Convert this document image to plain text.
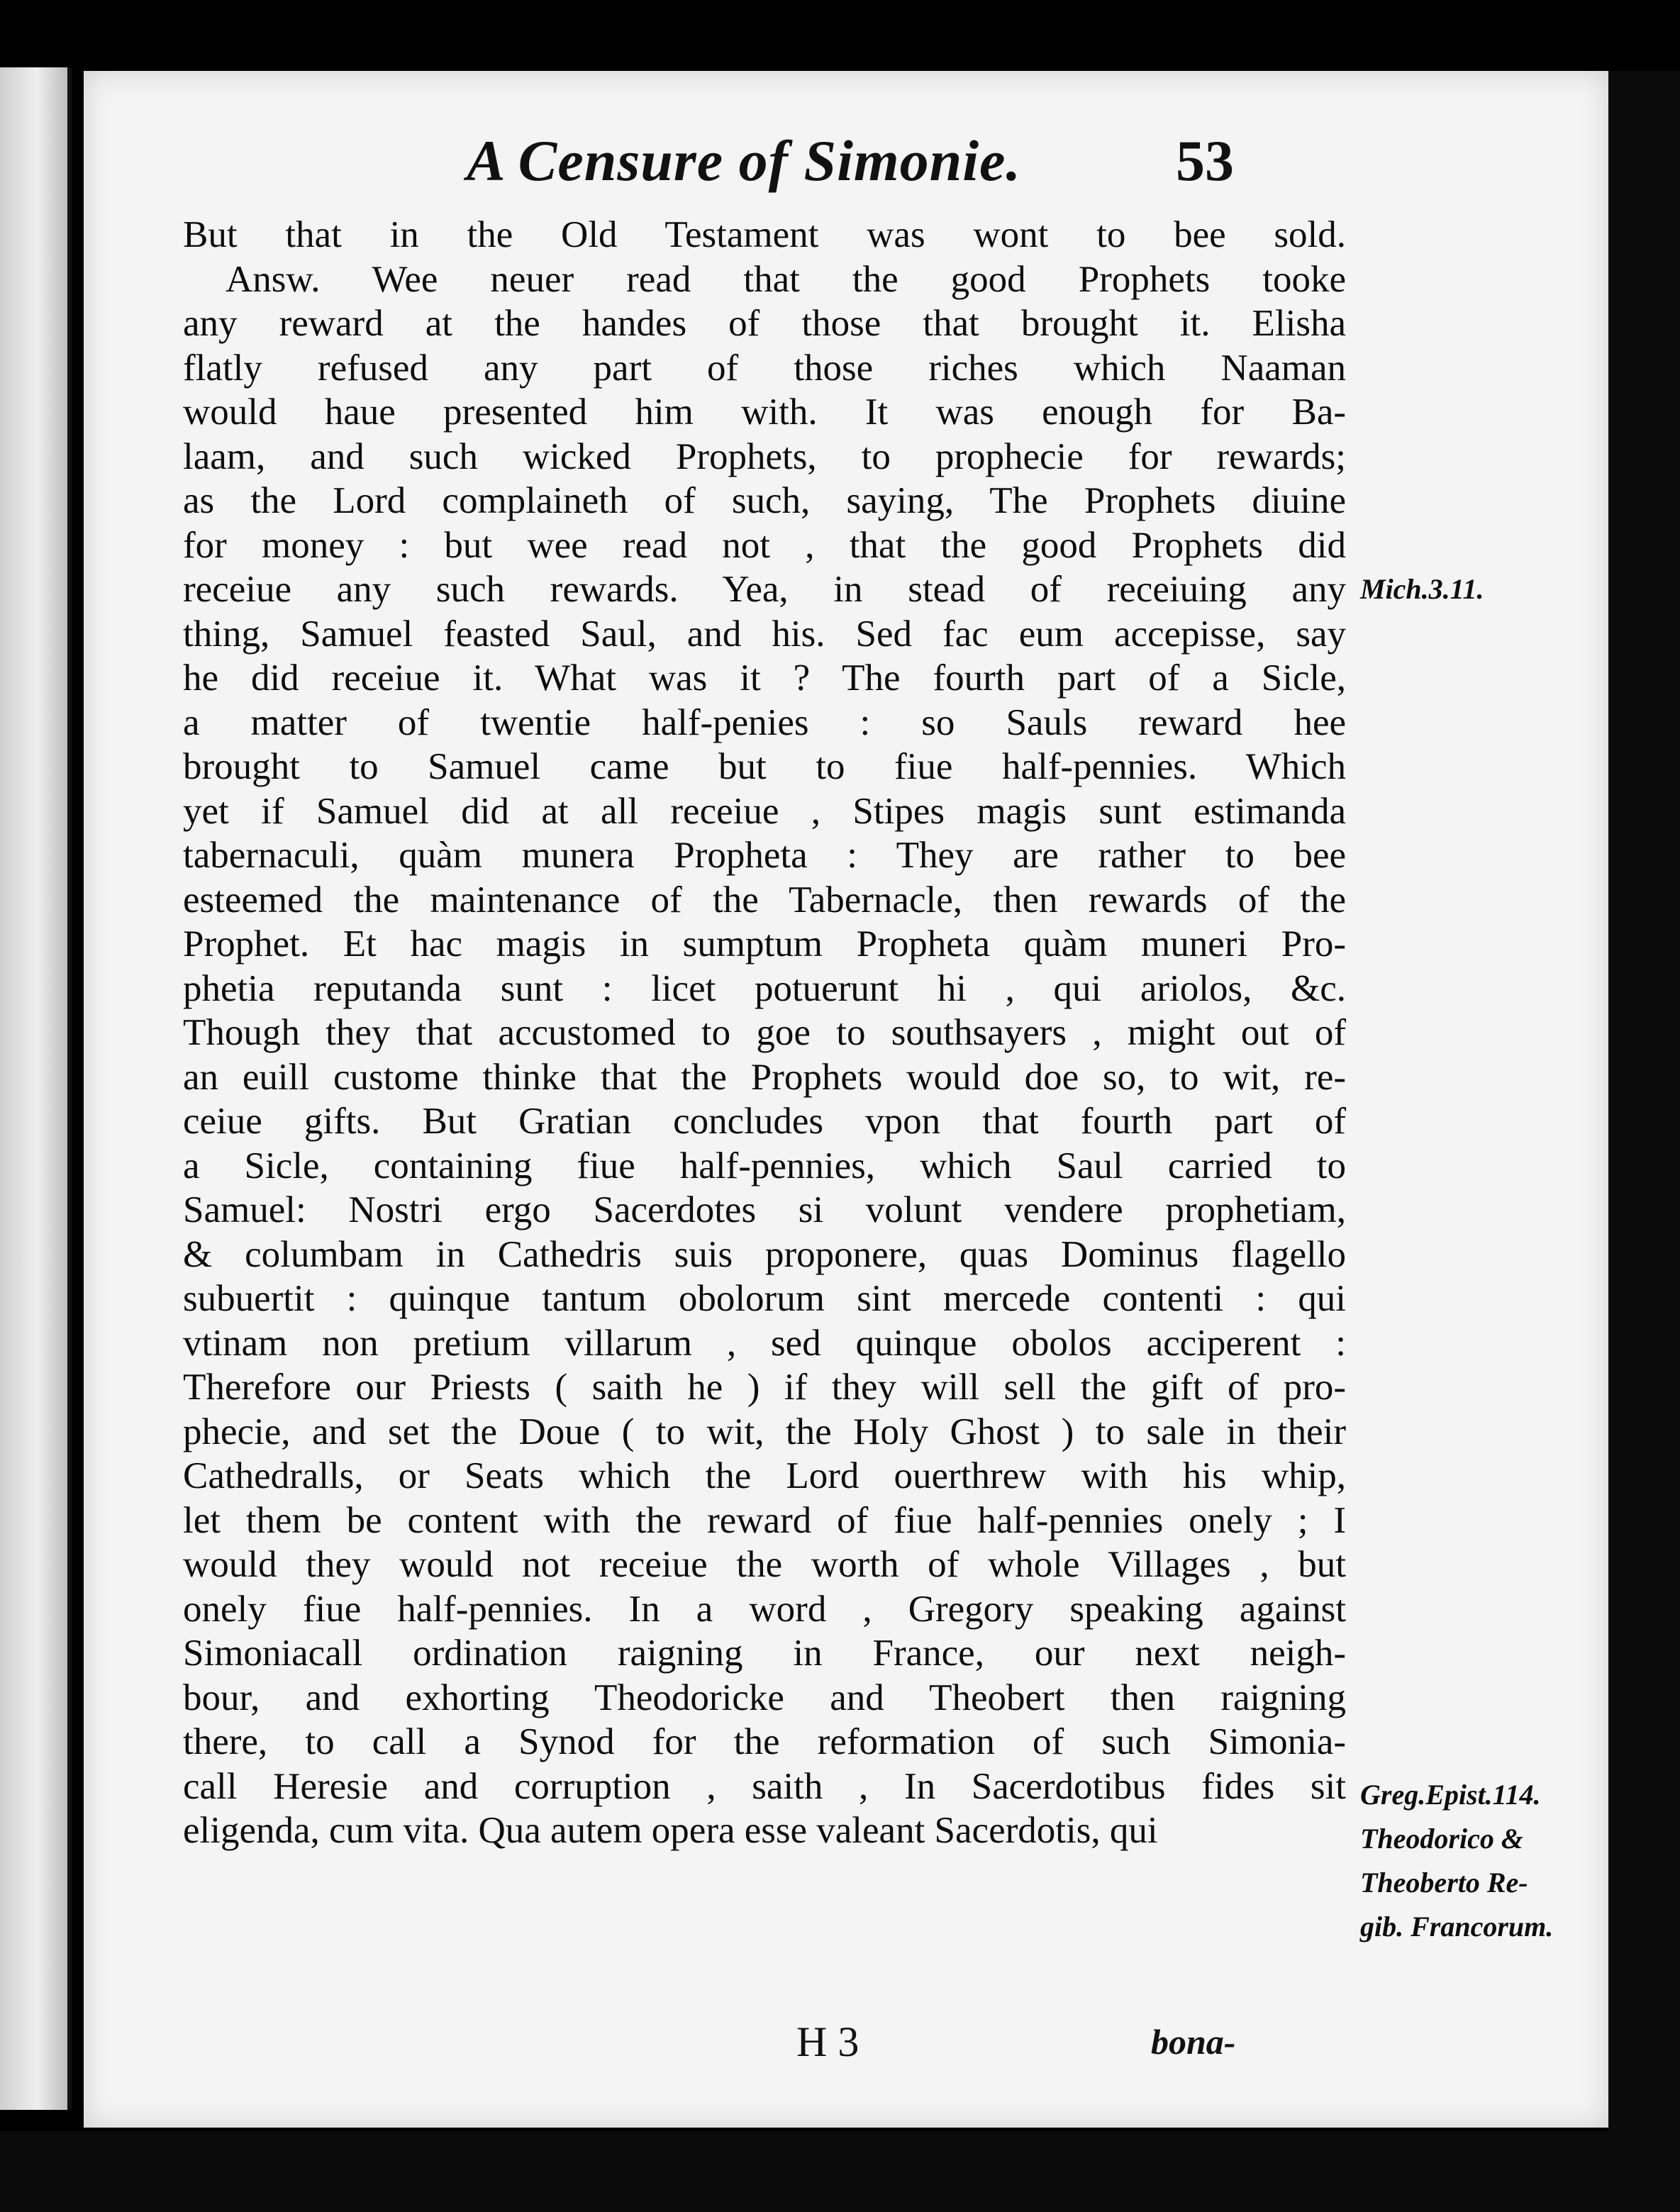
A Censure of Simonie.	53
But that in the Old Testament was wont to bee sold.
Answ. Wee neuer read that the good Prophets tooke
any reward at the handes of those that brought it. Elisha
flatly refused any part of those riches which Naaman
would haue presented him with. It was enough for Ba-
laam, and such wicked Prophets, to prophecie for rewards;
as the Lord complaineth of such, saying, The Prophets diuine
for money : but wee read not , that the good Prophets did
receiue any such rewards. Yea, in stead of receiuing any
thing, Samuel feasted Saul, and his. Sed fac eum accepisse, say
he did receiue it. What was it ? The fourth part of a Sicle,
a matter of twentie half-penies : so Sauls reward hee
brought to Samuel came but to fiue half-pennies. Which
yet if Samuel did at all receiue , Stipes magis sunt estimanda
tabernaculi, quàm munera Propheta : They are rather to bee
esteemed the maintenance of the Tabernacle, then rewards of the
Prophet. Et hac magis in sumptum Propheta quàm muneri Pro-
phetia reputanda sunt : licet potuerunt hi , qui ariolos, &c.
Though they that accustomed to goe to southsayers , might out of
an euill custome thinke that the Prophets would doe so, to wit, re-
ceiue gifts. But Gratian concludes vpon that fourth part of
a Sicle, containing fiue half-pennies, which Saul carried to
Samuel: Nostri ergo Sacerdotes si volunt vendere prophetiam,
& columbam in Cathedris suis proponere, quas Dominus flagello
subuertit : quinque tantum obolorum sint mercede contenti : qui
vtinam non pretium villarum , sed quinque obolos acciperent :
Therefore our Priests ( saith he ) if they will sell the gift of pro-
phecie, and set the Doue ( to wit, the Holy Ghost ) to sale in their
Cathedralls, or Seats which the Lord ouerthrew with his whip,
let them be content with the reward of fiue half-pennies onely ; I
would they would not receiue the worth of whole Villages , but
onely fiue half-pennies. In a word , Gregory speaking against
Simoniacall ordination raigning in France, our next neigh-
bour, and exhorting Theodoricke and Theobert then raigning
there, to call a Synod for the reformation of such Simonia-
call Heresie and corruption , saith , In Sacerdotibus fides sit
eligenda, cum vita. Qua autem opera esse valeant Sacerdotis, qui
Mich.3.11.
Greg.Epist.114.
Theodorico &
Theoberto Re-
gib. Francorum.
H 3	bona-
